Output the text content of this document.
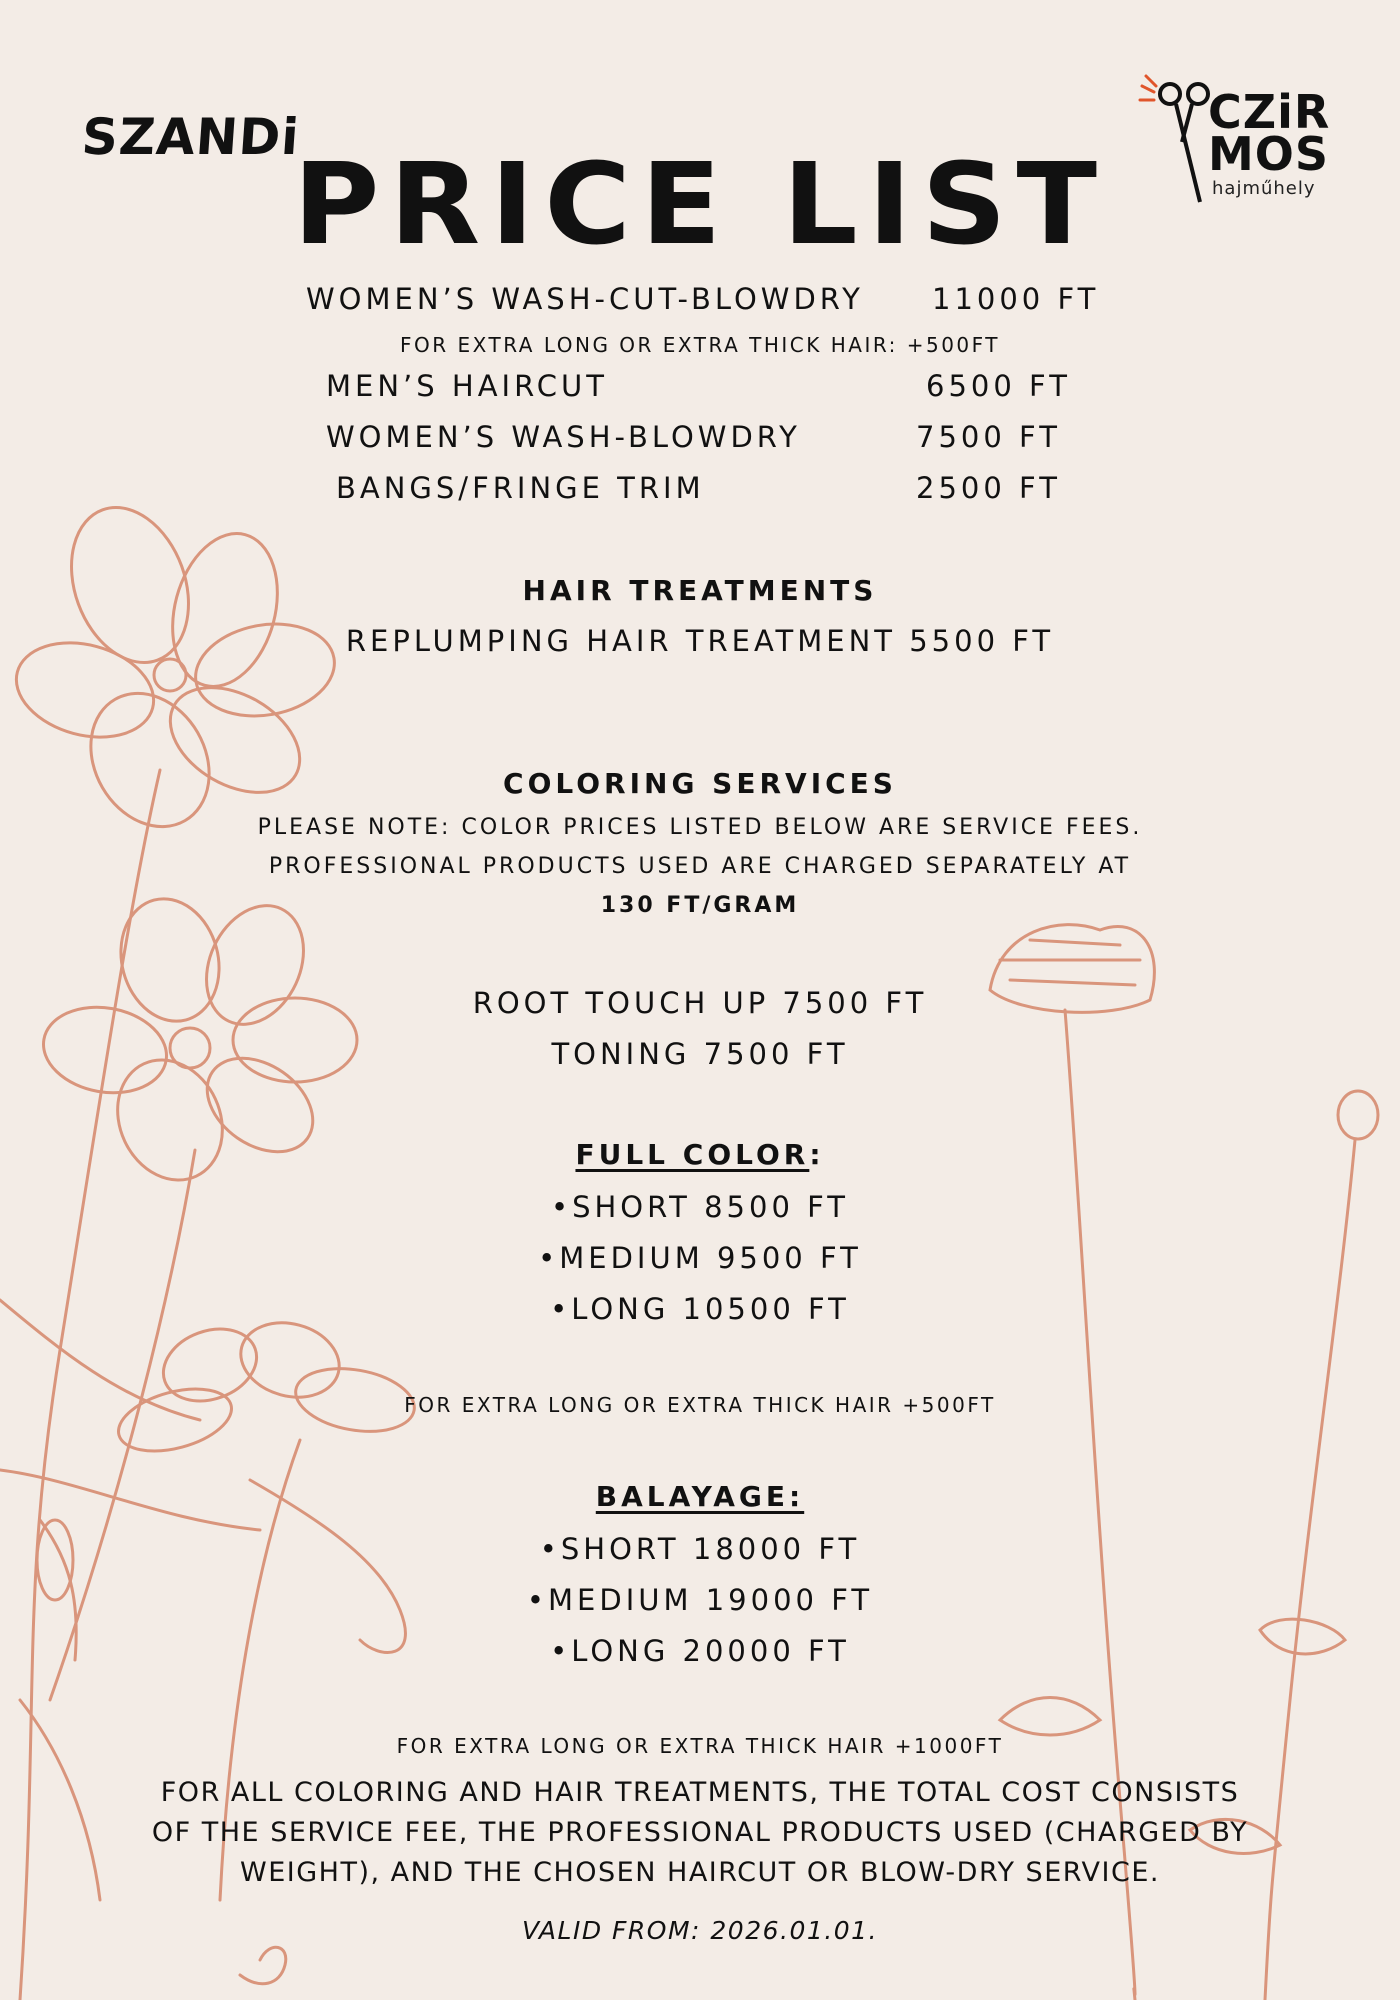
SZANDi	CZiR
MOS
hajműhely
PRICE LIST
WOMEN’S WASH-CUT-BLOWDRY 11000 FT
FOR EXTRA LONG OR EXTRA THICK HAIR: +500FT
MEN’S HAIRCUT	6500 FT
WOMEN’S WASH-BLOWDRY	7500 FT
BANGS/FRINGE TRIM	2500 FT
HAIR TREATMENTS
REPLUMPING HAIR TREATMENT 5500 FT
COLORING SERVICES
PLEASE NOTE: COLOR PRICES LISTED BELOW ARE SERVICE FEES.
PROFESSIONAL PRODUCTS USED ARE CHARGED SEPARATELY AT
130 FT/GRAM
ROOT TOUCH UP 7500 FT
TONING 7500 FT
FULL COLOR:
•SHORT 8500 FT
•MEDIUM 9500 FT
•LONG 10500 FT
FOR EXTRA LONG OR EXTRA THICK HAIR +500FT
BALAYAGE:
•SHORT 18000 FT
•MEDIUM 19000 FT
•LONG 20000 FT
FOR EXTRA LONG OR EXTRA THICK HAIR +1000FT
FOR ALL COLORING AND HAIR TREATMENTS, THE TOTAL COST CONSISTS
OF THE SERVICE FEE, THE PROFESSIONAL PRODUCTS USED (CHARGED BY
WEIGHT), AND THE CHOSEN HAIRCUT OR BLOW-DRY SERVICE.
VALID FROM: 2026.01.01.
